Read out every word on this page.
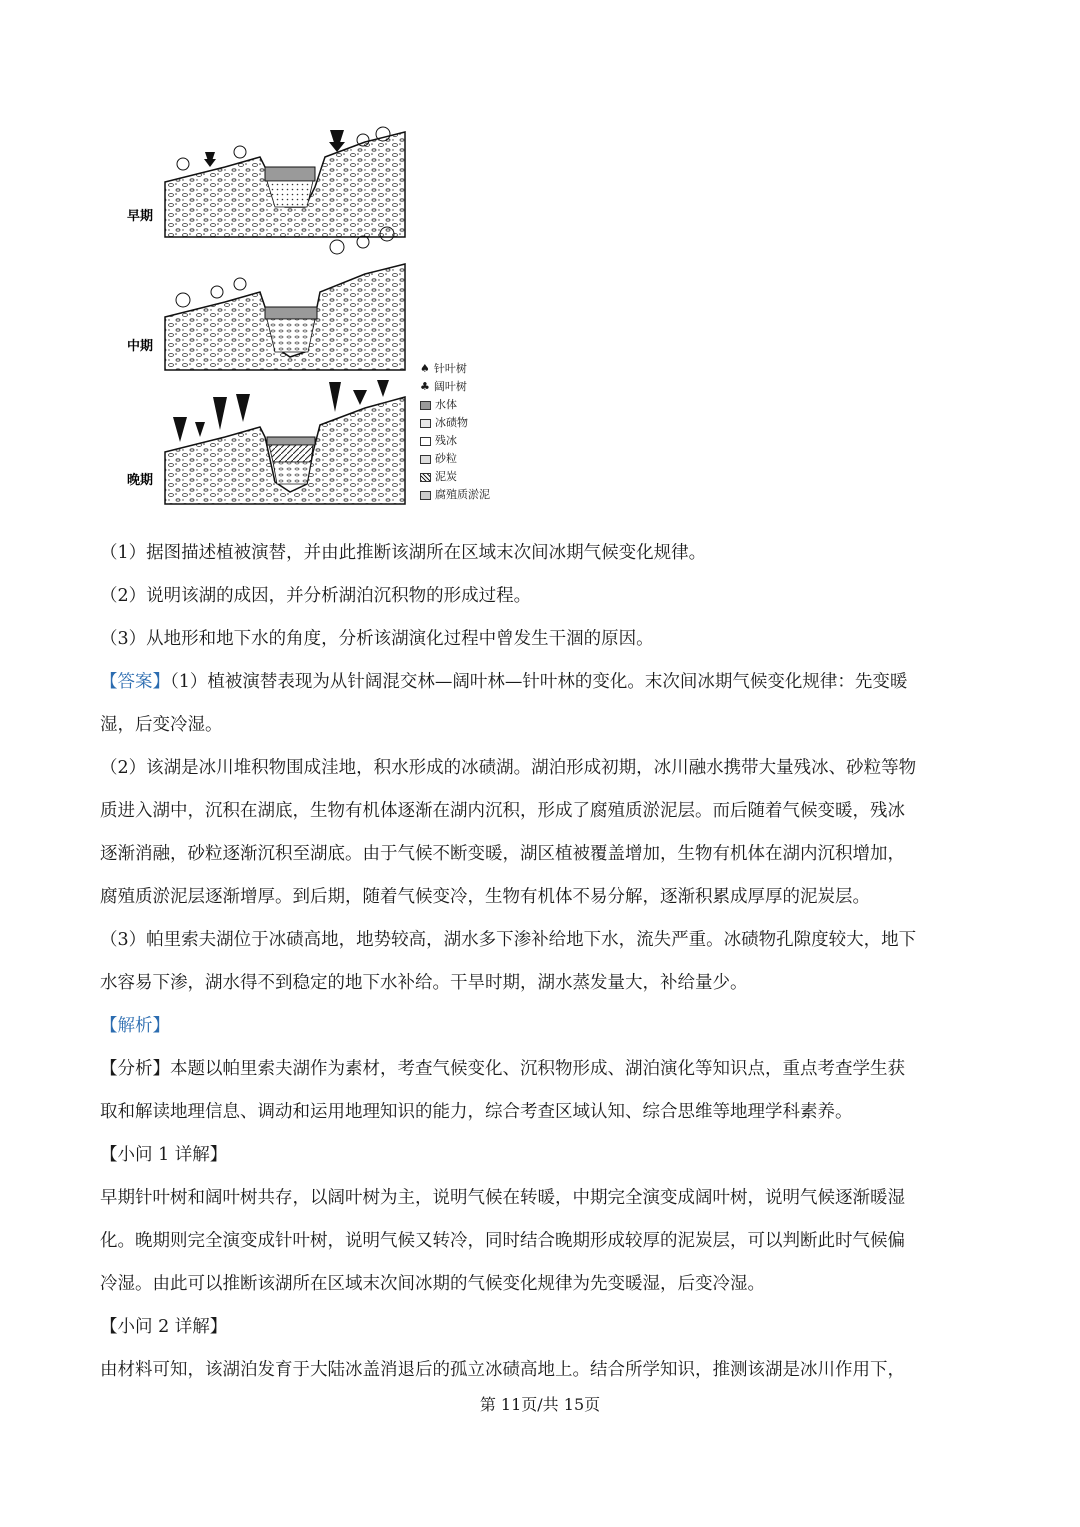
早期
中期
晚期
♠ 针叶树
♣ 阔叶树
水体
冰碛物
残冰
砂粒
泥炭
腐殖质淤泥
（1）据图描述植被演替，并由此推断该湖所在区域末次间冰期气候变化规律。
（2）说明该湖的成因，并分析湖泊沉积物的形成过程。
（3）从地形和地下水的角度，分析该湖演化过程中曾发生干涸的原因。
【答案】（1）植被演替表现为从针阔混交林—阔叶林—针叶林的变化。末次间冰期气候变化规律：先变暖
湿，后变冷湿。
（2）该湖是冰川堆积物围成洼地，积水形成的冰碛湖。湖泊形成初期，冰川融水携带大量残冰、砂粒等物
质进入湖中，沉积在湖底，生物有机体逐渐在湖内沉积，形成了腐殖质淤泥层。而后随着气候变暖，残冰
逐渐消融，砂粒逐渐沉积至湖底。由于气候不断变暖，湖区植被覆盖增加，生物有机体在湖内沉积增加，
腐殖质淤泥层逐渐增厚。到后期，随着气候变冷，生物有机体不易分解，逐渐积累成厚厚的泥炭层。
（3）帕里索夫湖位于冰碛高地，地势较高，湖水多下渗补给地下水，流失严重。冰碛物孔隙度较大，地下
水容易下渗，湖水得不到稳定的地下水补给。干旱时期，湖水蒸发量大，补给量少。
【解析】
【分析】本题以帕里索夫湖作为素材，考查气候变化、沉积物形成、湖泊演化等知识点，重点考查学生获
取和解读地理信息、调动和运用地理知识的能力，综合考查区域认知、综合思维等地理学科素养。
【小问 1 详解】
早期针叶树和阔叶树共存，以阔叶树为主，说明气候在转暖，中期完全演变成阔叶树，说明气候逐渐暖湿
化。晚期则完全演变成针叶树，说明气候又转冷，同时结合晚期形成较厚的泥炭层，可以判断此时气候偏
冷湿。由此可以推断该湖所在区域末次间冰期的气候变化规律为先变暖湿，后变冷湿。
【小问 2 详解】
由材料可知，该湖泊发育于大陆冰盖消退后的孤立冰碛高地上。结合所学知识，推测该湖是冰川作用下，
第 11页/共 15页
